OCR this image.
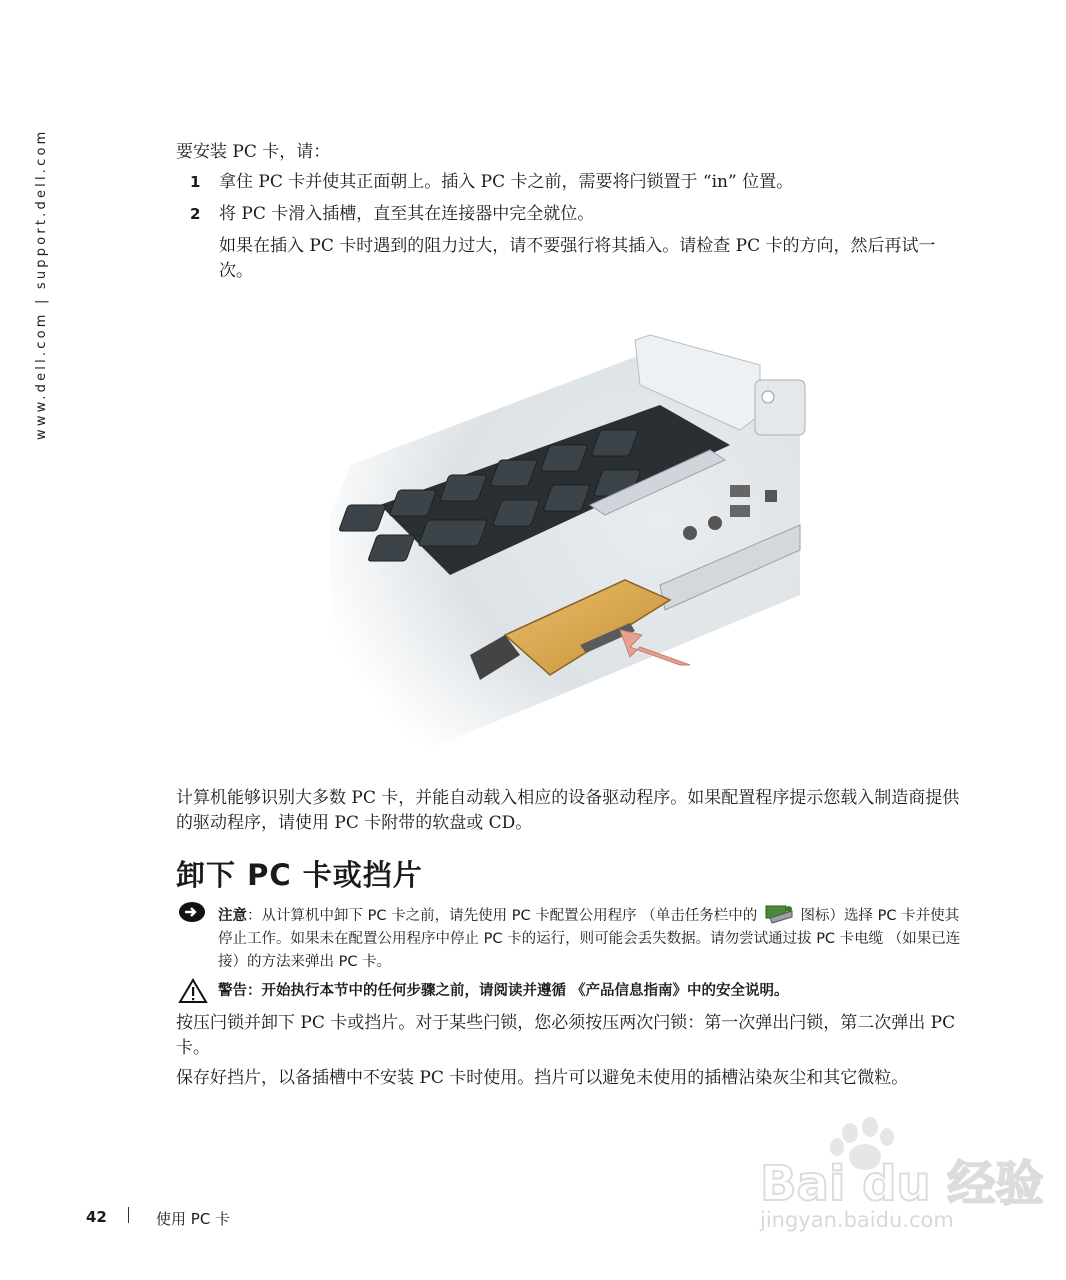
www.dell.com | support.dell.com	要安装 PC 卡，请：

1 拿住 PC 卡并使其正面朝上。插入 PC 卡之前，需要将闩锁置于 “in” 位置。

2 将 PC 卡滑入插槽，直至其在连接器中完全就位。

如果在插入 PC 卡时遇到的阻力过大，请不要强行将其插入。请检查 PC 卡的方向，然后再试一次。

计算机能够识别大多数 PC 卡，并能自动载入相应的设备驱动程序。如果配置程序提示您载入制造商提供的驱动程序，请使用 PC 卡附带的软盘或 CD。

卸下 PC 卡或挡片
注意：从计算机中卸下 PC 卡之前，请先使用 PC 卡配置公用程序 （单击任务栏中的	图标）选择 PC 卡并使其停止工作。如果未在配置公用程序中停止 PC 卡的运行，则可能会丢失数据。请勿尝试通过拔 PC 卡电缆 （如果已连接）的方法来弹出 PC 卡。
警告：开始执行本节中的任何步骤之前，请阅读并遵循 《产品信息指南》中的安全说明。

按压闩锁并卸下 PC 卡或挡片。对于某些闩锁，您必须按压两次闩锁：第一次弹出闩锁，第二次弹出 PC 卡。

保存好挡片，以备插槽中不安装 PC 卡时使用。挡片可以避免未使用的插槽沾染灰尘和其它微粒。

Bai du 经验
jingyan.baidu.com
42	使用 PC 卡
